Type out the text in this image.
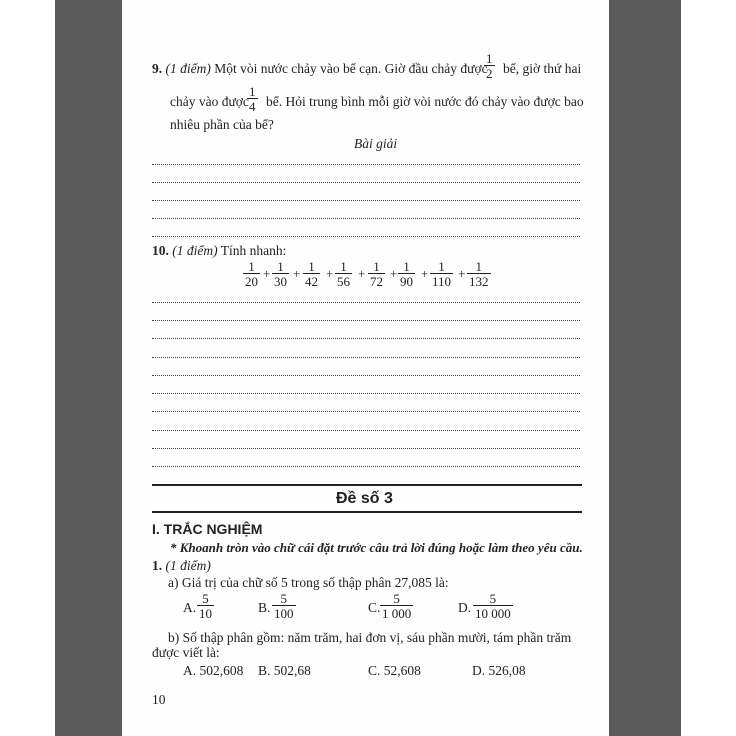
9. (1 điểm) Một vòi nước chảy vào bể cạn. Giờ đầu chảy được
$\frac{1}{2}$ bể, giờ thứ hai
chảy vào được
$\frac{1}{4}$ bể. Hỏi trung bình mỗi giờ vòi nước đó chảy vào được bao
nhiêu phần của bể?
Bài giải
10. (1 điểm) Tính nhanh:
$\frac{1}{20} + \frac{1}{30} + \frac{1}{42} + \frac{1}{56} + \frac{1}{72} + \frac{1}{90} + \frac{1}{110} + \frac{1}{132}$
Đề số 3
I. TRẮC NGHIỆM
* Khoanh tròn vào chữ cái đặt trước câu trả lời đúng hoặc làm theo yêu cầu.
1. (1 điểm)
a) Giá trị của chữ số 5 trong số thập phân 27,085 là:
A. $\frac{5}{10}$	B. $\frac{5}{100}$	C. $\frac{5}{1 000}$	D. $\frac{5}{10 000}$
b) Số thập phân gồm: năm trăm, hai đơn vị, sáu phần mười, tám phần trăm
được viết là:
A. 502,608 B. 502,68	C. 52,608	D. 526,08
10
